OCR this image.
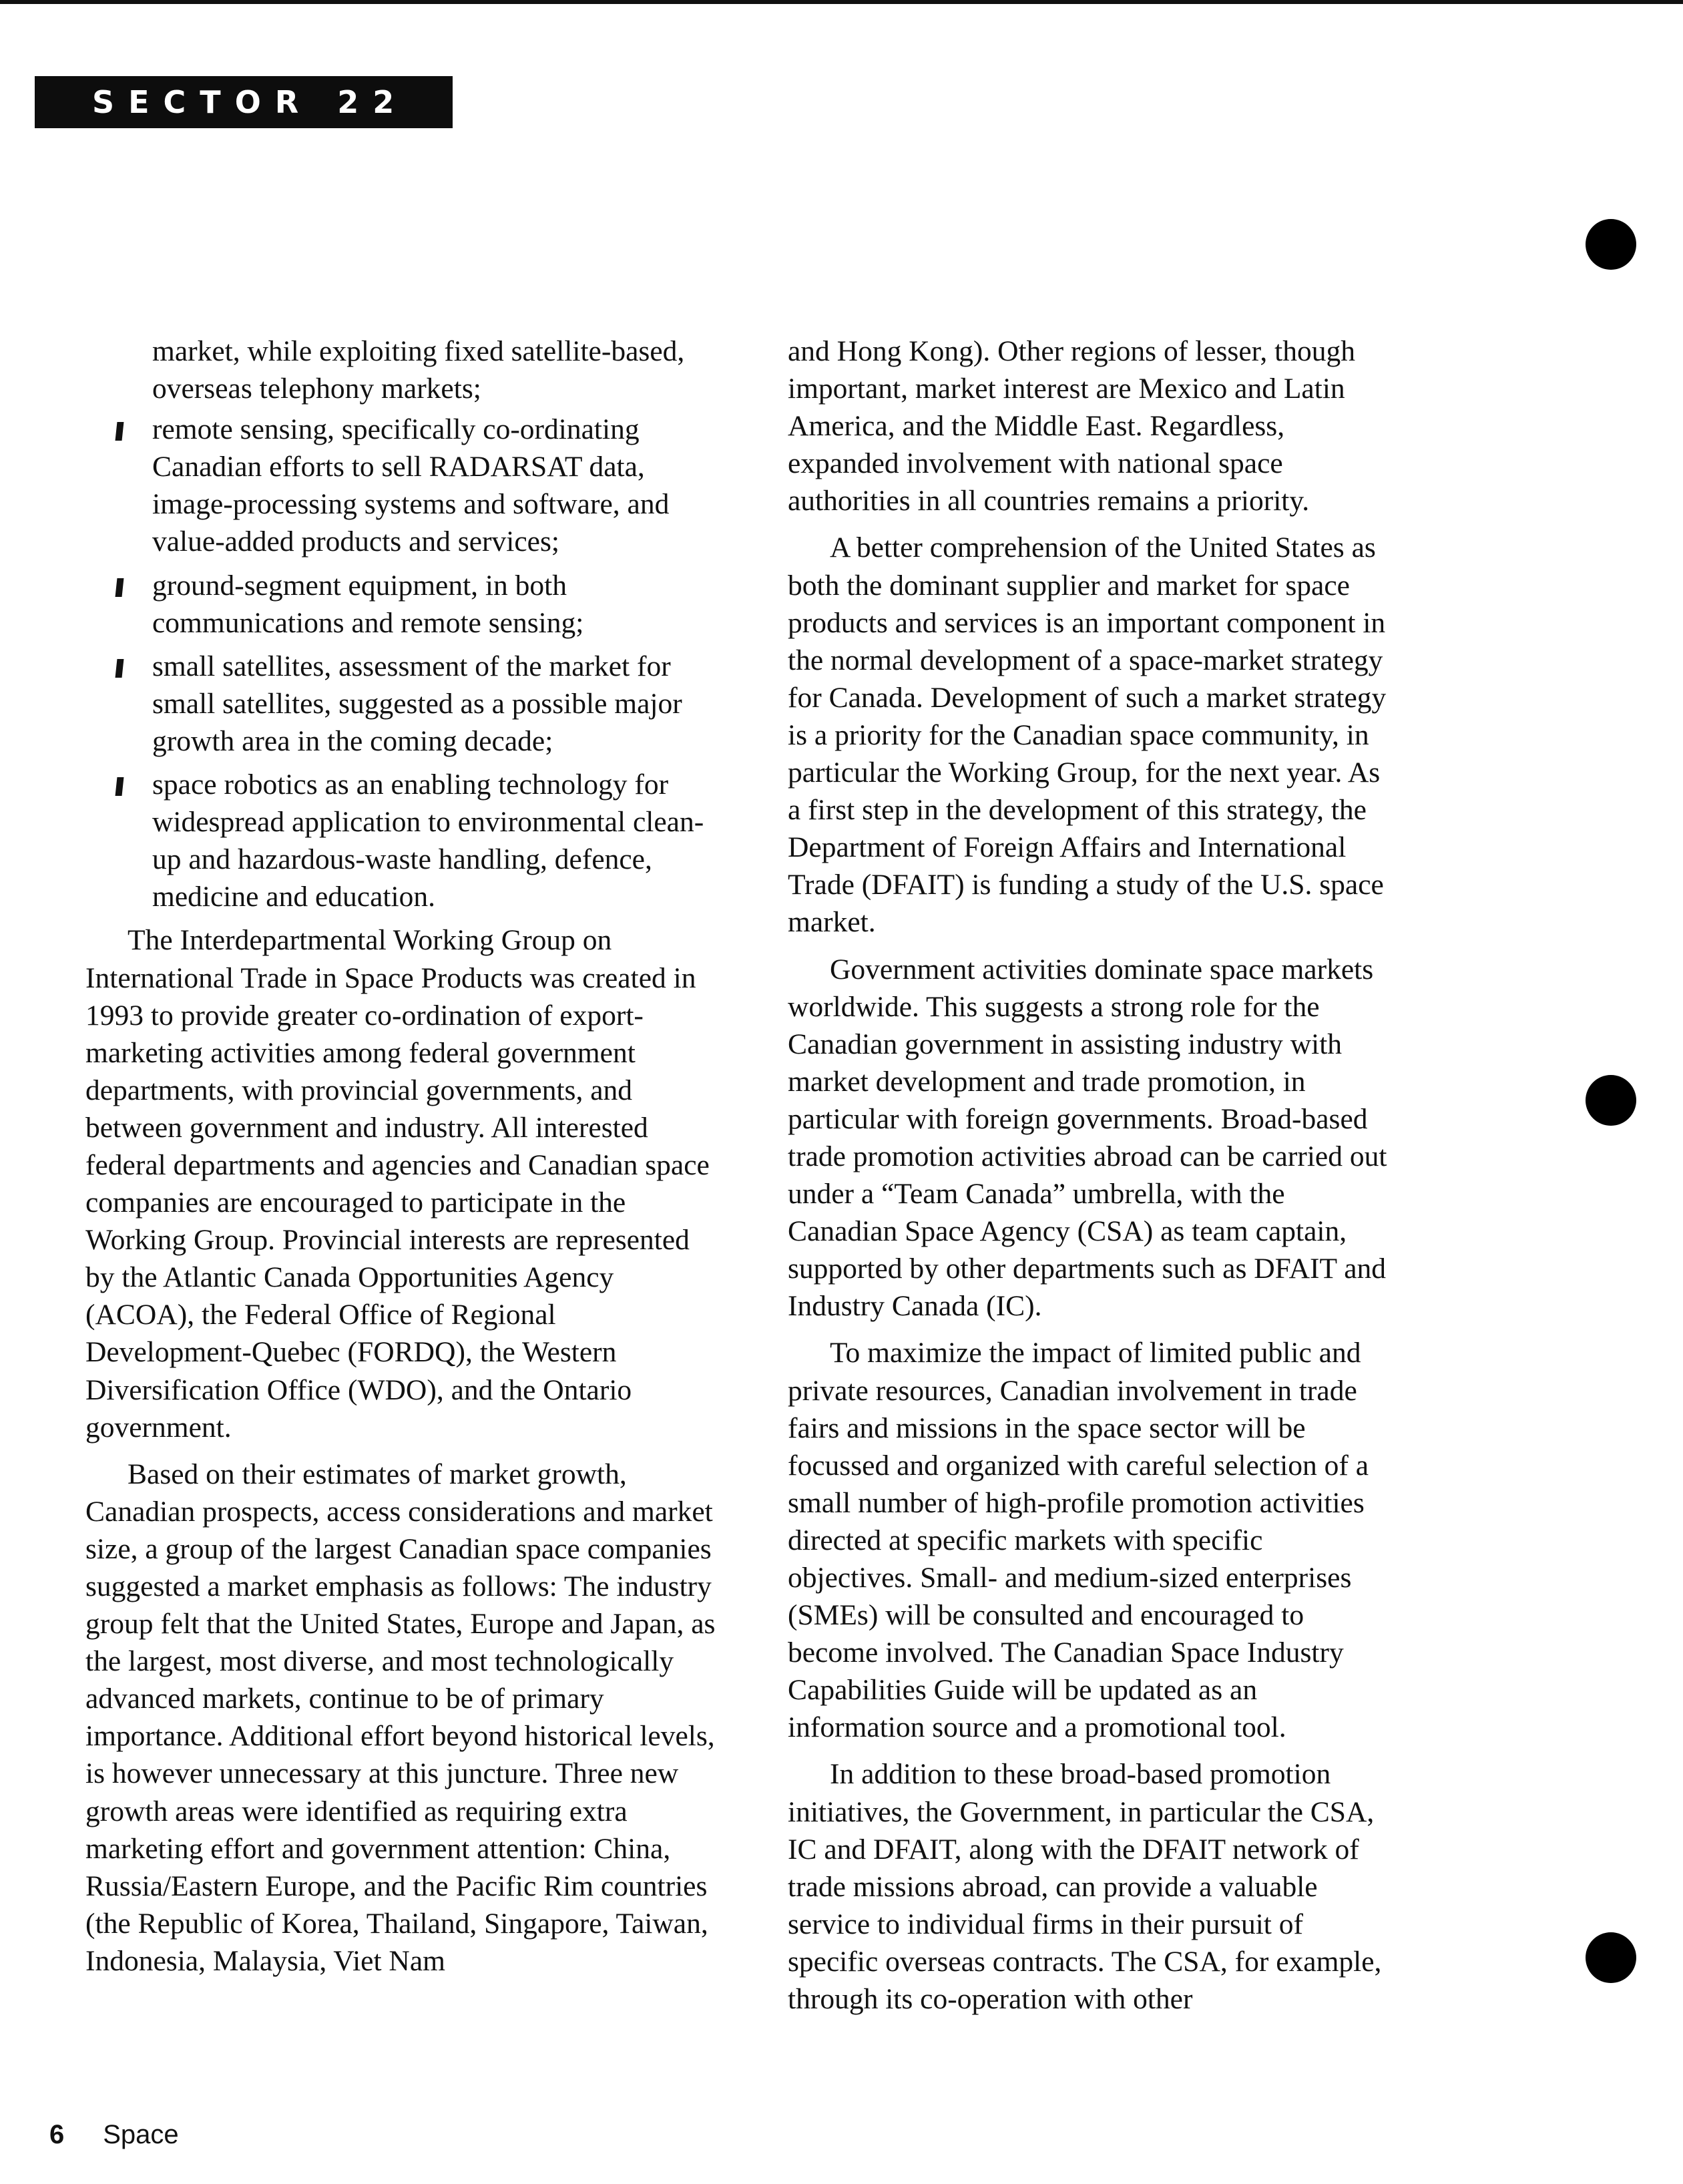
SECTOR 22

market, while exploiting fixed satellite-based, overseas telephony markets;

remote sensing, specifically co-ordinating Canadian efforts to sell RADARSAT data, image-processing systems and software, and value-added products and services;
ground-segment equipment, in both communications and remote sensing;
small satellites, assessment of the market for small satellites, suggested as a possible major growth area in the coming decade;
space robotics as an enabling technology for widespread application to environmental clean-up and hazardous-waste handling, defence, medicine and education.

The Interdepartmental Working Group on International Trade in Space Products was created in 1993 to provide greater co-ordination of export-marketing activities among federal government departments, with provincial governments, and between government and industry. All interested federal departments and agencies and Canadian space companies are encouraged to participate in the Working Group. Provincial interests are represented by the Atlantic Canada Opportunities Agency (ACOA), the Federal Office of Regional Development-Quebec (FORDQ), the Western Diversification Office (WDO), and the Ontario government.

Based on their estimates of market growth, Canadian prospects, access considerations and market size, a group of the largest Canadian space companies suggested a market emphasis as follows: The industry group felt that the United States, Europe and Japan, as the largest, most diverse, and most technologically advanced markets, continue to be of primary importance. Additional effort beyond historical levels, is however unnecessary at this juncture. Three new growth areas were identified as requiring extra marketing effort and government attention: China, Russia/Eastern Europe, and the Pacific Rim countries (the Republic of Korea, Thailand, Singapore, Taiwan, Indonesia, Malaysia, Viet Nam

and Hong Kong). Other regions of lesser, though important, market interest are Mexico and Latin America, and the Middle East. Regardless, expanded involvement with national space authorities in all countries remains a priority.

A better comprehension of the United States as both the dominant supplier and market for space products and services is an important component in the normal development of a space-market strategy for Canada. Development of such a market strategy is a priority for the Canadian space community, in particular the Working Group, for the next year. As a first step in the development of this strategy, the Department of Foreign Affairs and International Trade (DFAIT) is funding a study of the U.S. space market.

Government activities dominate space markets worldwide. This suggests a strong role for the Canadian government in assisting industry with market development and trade promotion, in particular with foreign governments. Broad-based trade promotion activities abroad can be carried out under a “Team Canada” umbrella, with the Canadian Space Agency (CSA) as team captain, supported by other departments such as DFAIT and Industry Canada (IC).

To maximize the impact of limited public and private resources, Canadian involvement in trade fairs and missions in the space sector will be focussed and organized with careful selection of a small number of high-profile promotion activities directed at specific markets with specific objectives. Small- and medium-sized enterprises (SMEs) will be consulted and encouraged to become involved. The Canadian Space Industry Capabilities Guide will be updated as an information source and a promotional tool.

In addition to these broad-based promotion initiatives, the Government, in particular the CSA, IC and DFAIT, along with the DFAIT network of trade missions abroad, can provide a valuable service to individual firms in their pursuit of specific overseas contracts. The CSA, for example, through its co-operation with other

6 Space
